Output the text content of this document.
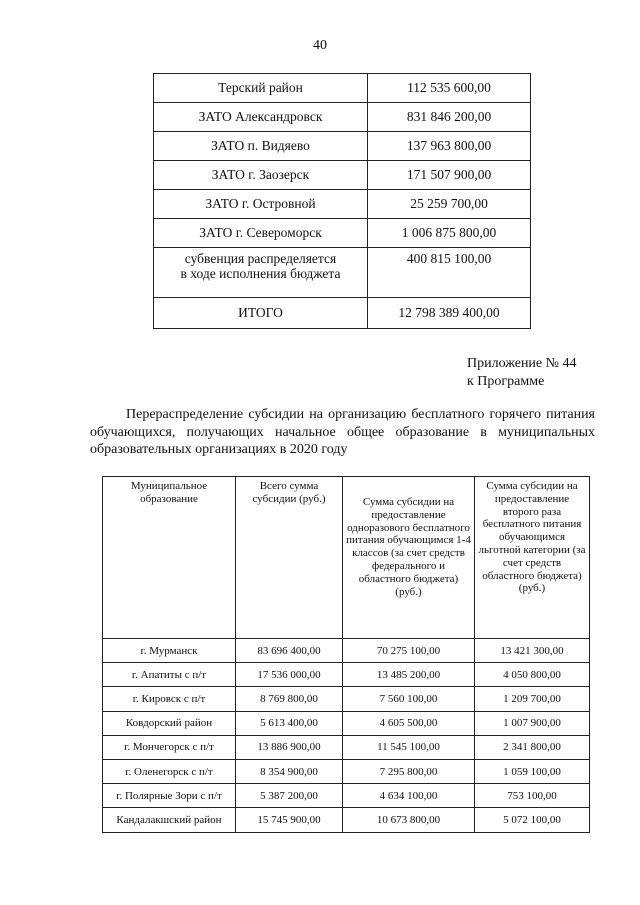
40
Терский район	112 535 600,00
ЗАТО Александровск	831 846 200,00
ЗАТО п. Видяево	137 963 800,00
ЗАТО г. Заозерск	171 507 900,00
ЗАТО г. Островной	25 259 700,00
ЗАТО г. Североморск	1 006 875 800,00

субвенция распределяется
в ходе исполнения бюджета	400 815 100,00
ИТОГО	12 798 389 400,00
Приложение № 44
к Программе
Перераспределение субсидии на организацию бесплатного горячего питания обучающихся, получающих начальное общее образование в муниципальных образовательных организациях в 2020 году
Муниципальное образование	Всего сумма субсидии (руб.)	Сумма субсидии на предоставление одноразового бесплатного питания обучающимся 1-4 классов (за счет средств федерального и областного бюджета) (руб.)	Сумма субсидии на предоставление второго раза бесплатного питания обучающимся льготной категории (за счет средств областного бюджета) (руб.)
г. Мурманск	83 696 400,00	70 275 100,00	13 421 300,00
г. Апатиты с п/т	17 536 000,00	13 485 200,00	4 050 800,00
г. Кировск с п/т	8 769 800,00	7 560 100,00	1 209 700,00
Ковдорский район	5 613 400,00	4 605 500,00	1 007 900,00
г. Мончегорск с п/т	13 886 900,00	11 545 100,00	2 341 800,00
г. Оленегорск с п/т	8 354 900,00	7 295 800,00	1 059 100,00
г. Полярные Зори с п/т	5 387 200,00	4 634 100,00	753 100,00
Кандалакшский район	15 745 900,00	10 673 800,00	5 072 100,00
